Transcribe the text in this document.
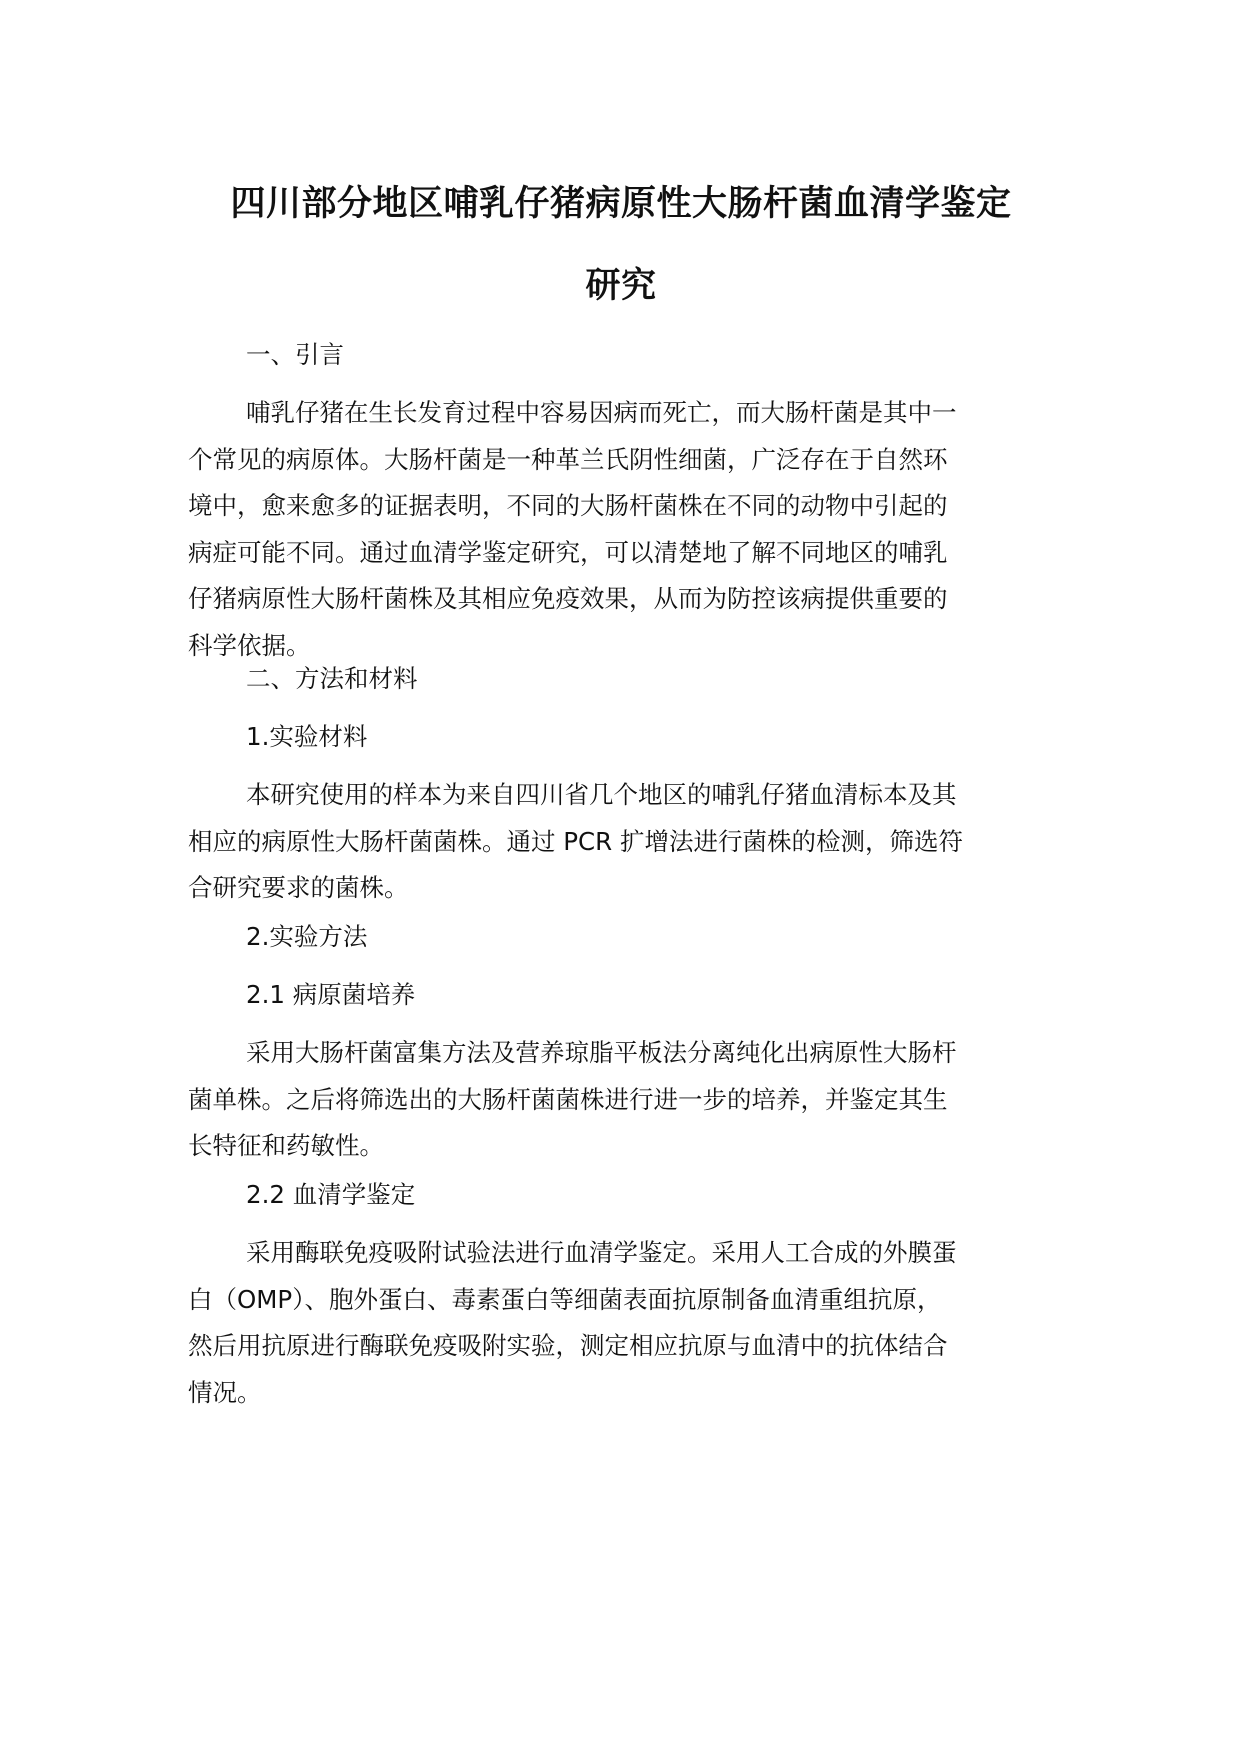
四川部分地区哺乳仔猪病原性大肠杆菌血清学鉴定
研究

一、引言

哺乳仔猪在生长发育过程中容易因病而死亡，而大肠杆菌是其中一
个常见的病原体。大肠杆菌是一种革兰氏阴性细菌，广泛存在于自然环
境中，愈来愈多的证据表明，不同的大肠杆菌株在不同的动物中引起的
病症可能不同。通过血清学鉴定研究，可以清楚地了解不同地区的哺乳
仔猪病原性大肠杆菌株及其相应免疫效果，从而为防控该病提供重要的
科学依据。

二、方法和材料

1.实验材料

本研究使用的样本为来自四川省几个地区的哺乳仔猪血清标本及其
相应的病原性大肠杆菌菌株。通过 PCR 扩增法进行菌株的检测，筛选符
合研究要求的菌株。

2.实验方法

2.1 病原菌培养

采用大肠杆菌富集方法及营养琼脂平板法分离纯化出病原性大肠杆
菌单株。之后将筛选出的大肠杆菌菌株进行进一步的培养，并鉴定其生
长特征和药敏性。

2.2 血清学鉴定

采用酶联免疫吸附试验法进行血清学鉴定。采用人工合成的外膜蛋
白（OMP）、胞外蛋白、毒素蛋白等细菌表面抗原制备血清重组抗原，
然后用抗原进行酶联免疫吸附实验，测定相应抗原与血清中的抗体结合
情况。
